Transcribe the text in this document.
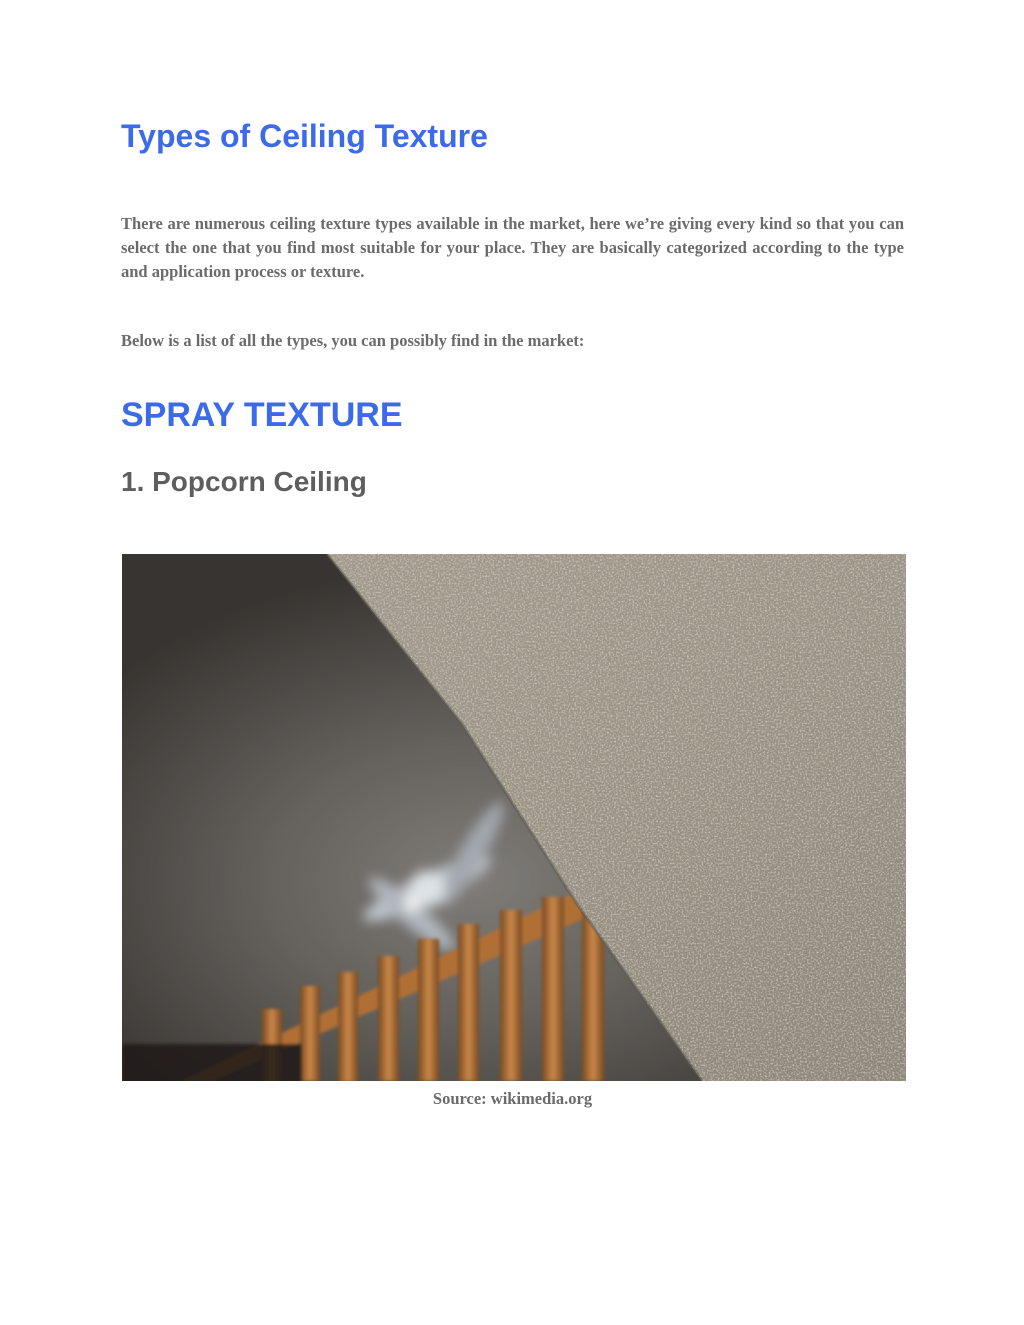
Types of Ceiling Texture

There are numerous ceiling texture types available in the market, here we’re giving every kind so that you can select the one that you find most suitable for your place. They are basically categorized according to the type and application process or texture.

Below is a list of all the types, you can possibly find in the market:

SPRAY TEXTURE
1. Popcorn Ceiling

Source: wikimedia.org
